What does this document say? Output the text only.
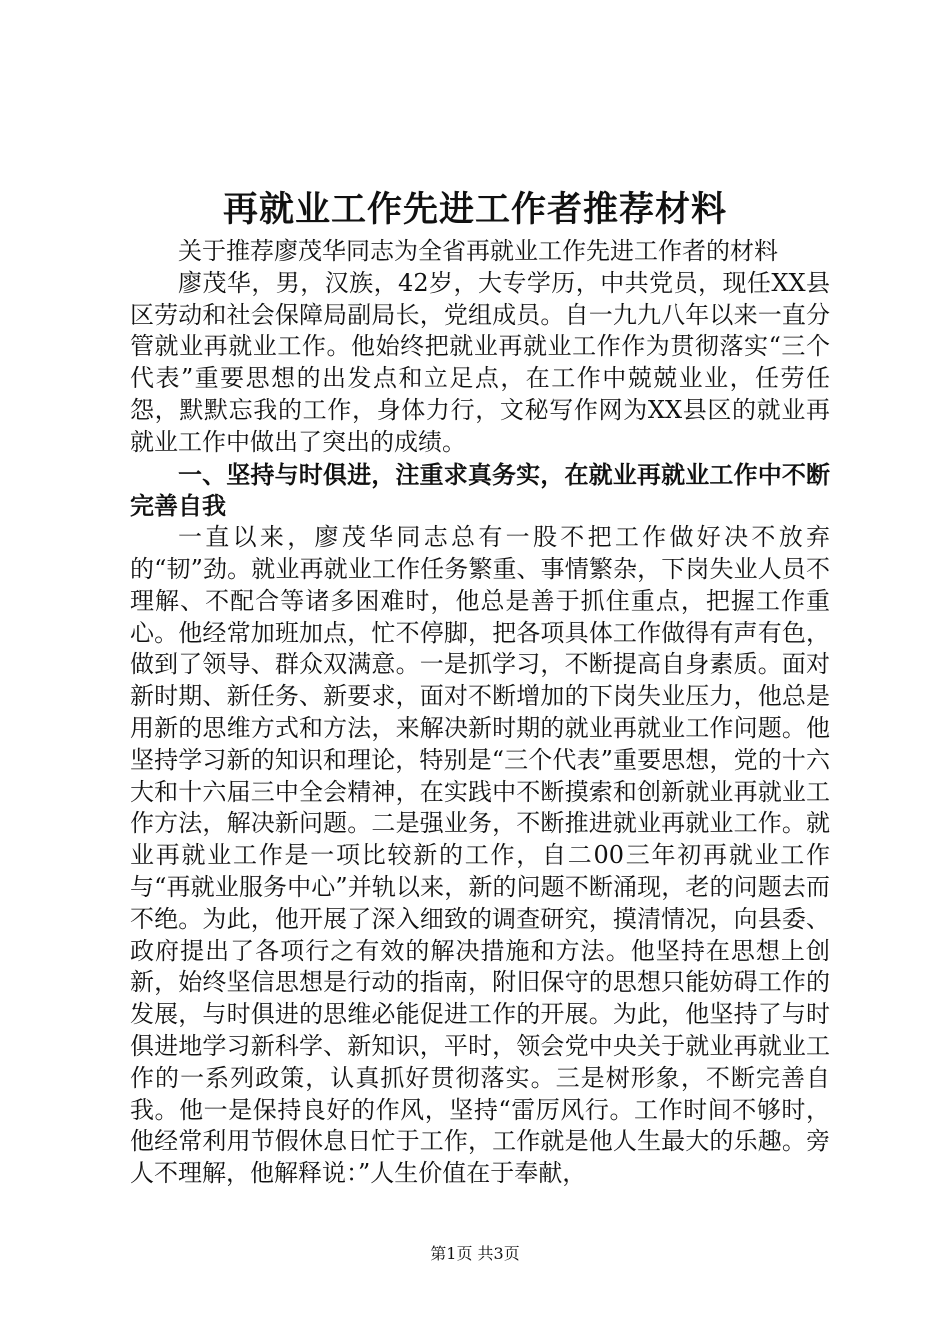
再就业工作先进工作者推荐材料

关于推荐廖茂华同志为全省再就业工作先进工作者的材料

廖茂华，男，汉族，42岁，大专学历，中共党员，现任XX县区劳动和社会保障局副局长，党组成员。自一九九八年以来一直分管就业再就业工作。他始终把就业再就业工作作为贯彻落实“三个代表”重要思想的出发点和立足点，在工作中兢兢业业，任劳任怨，默默忘我的工作，身体力行，文秘写作网为XX县区的就业再就业工作中做出了突出的成绩。

一、坚持与时俱进，注重求真务实，在就业再就业工作中不断完善自我

一直以来，廖茂华同志总有一股不把工作做好决不放弃的“韧”劲。就业再就业工作任务繁重、事情繁杂，下岗失业人员不理解、不配合等诸多困难时，他总是善于抓住重点，把握工作重心。他经常加班加点，忙不停脚，把各项具体工作做得有声有色，做到了领导、群众双满意。一是抓学习，不断提高自身素质。面对新时期、新任务、新要求，面对不断增加的下岗失业压力，他总是用新的思维方式和方法，来解决新时期的就业再就业工作问题。他坚持学习新的知识和理论，特别是“三个代表”重要思想，党的十六大和十六届三中全会精神，在实践中不断摸索和创新就业再就业工作方法，解决新问题。二是强业务，不断推进就业再就业工作。就业再就业工作是一项比较新的工作，自二00三年初再就业工作与“再就业服务中心”并轨以来，新的问题不断涌现，老的问题去而不绝。为此，他开展了深入细致的调查研究，摸清情况，向县委、政府提出了各项行之有效的解决措施和方法。他坚持在思想上创新，始终坚信思想是行动的指南，附旧保守的思想只能妨碍工作的发展，与时俱进的思维必能促进工作的开展。为此，他坚持了与时俱进地学习新科学、新知识，平时，领会党中央关于就业再就业工作的一系列政策，认真抓好贯彻落实。三是树形象，不断完善自我。他一是保持良好的作风，坚持“雷厉风行。工作时间不够时，他经常利用节假休息日忙于工作，工作就是他人生最大的乐趣。旁人不理解，他解释说：”人生价值在于奉献，

第1页 共3页
